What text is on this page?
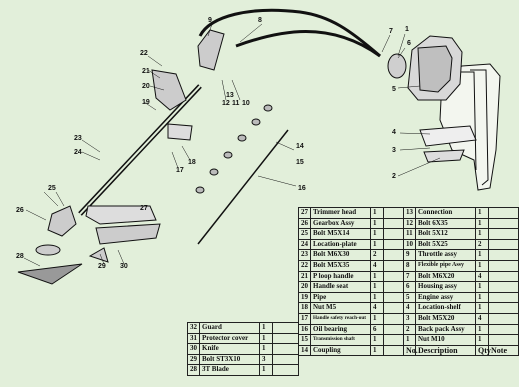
1
2
3
4
5
6
7
8
9
10
11
12
13
14
15
16
17
18
19
20
21
22
23
24
25
26	27
28
29 30
27	Trimmer head	1		13	Connection	1	
26	Gearbox Assy	1		12	Bolt 6X35	1	
25	Bolt M5X14	1		11	Bolt 5X12	1	
24	Location-plate	1		10	Bolt 5X25	2	
23	Bolt M6X30	2		9	Throttle assy	1	
22	Bolt M5X35	4		8	Flexible pipe Assy	1	
21	P loop handle	1		7	Bolt M6X20	4	
20	Handle seat	1		6	Housing assy	1	
19	Pipe	1		5	Engine assy	1	
18	Nut M5	4		4	Location-shelf	1	
17	Handle safety reach-out	1		3	Bolt M5X20	4	
16	Oil bearing	6		2	Back pack Assy	1	
15	Transmission shaft	1		1	Nut M10	1	
14	Coupling	1		No.	Description	Qty	Note
32	Guard	1	
31	Protector cover	1	
30	Knife	1	
29	Bolt ST3X10	3	
28	3T Blade	1	
